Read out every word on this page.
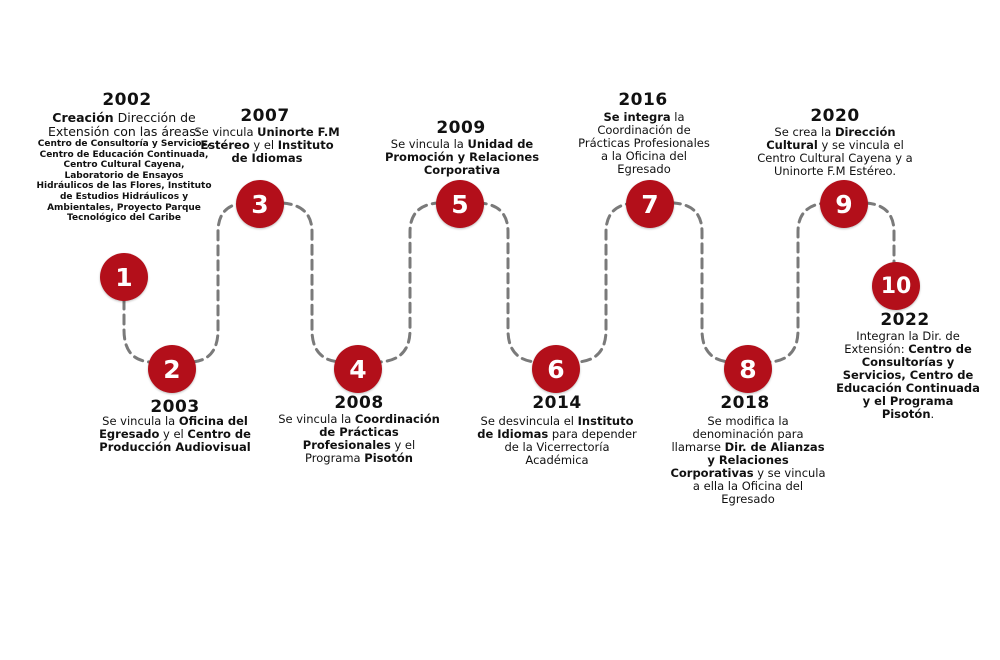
1
2
3
4
5
6
7
8
9
10
2002
2003
2007
2008
2009
2014
2016
2018
2020
2022
Creación Dirección de Extensión con las áreas:
Centro de Consultoría y Servicios, Centro de Educación Continuada, Centro Cultural Cayena, Laboratorio de Ensayos Hidráulicos de las Flores, Instituto de Estudios Hidráulicos y Ambientales, Proyecto Parque Tecnológico del Caribe
Se vincula la Oficina del Egresado y el Centro de Producción Audiovisual
Se vincula Uninorte F.M Estéreo y el Instituto de Idiomas
Se vincula la Coordinación de Prácticas Profesionales y el Programa Pisotón
Se vincula la Unidad de Promoción y Relaciones Corporativa
Se desvincula el Instituto de Idiomas para depender de la Vicerrectoría Académica
Se integra la Coordinación de Prácticas Profesionales a la Oficina del Egresado
Se modifica la denominación para llamarse Dir. de Alianzas y Relaciones Corporativas y se vincula a ella la Oficina del Egresado
Se crea la Dirección Cultural y se vincula el Centro Cultural Cayena y a Uninorte F.M Estéreo.
Integran la Dir. de Extensión: Centro de Consultorías y Servicios, Centro de Educación Continuada y el Programa Pisotón.
